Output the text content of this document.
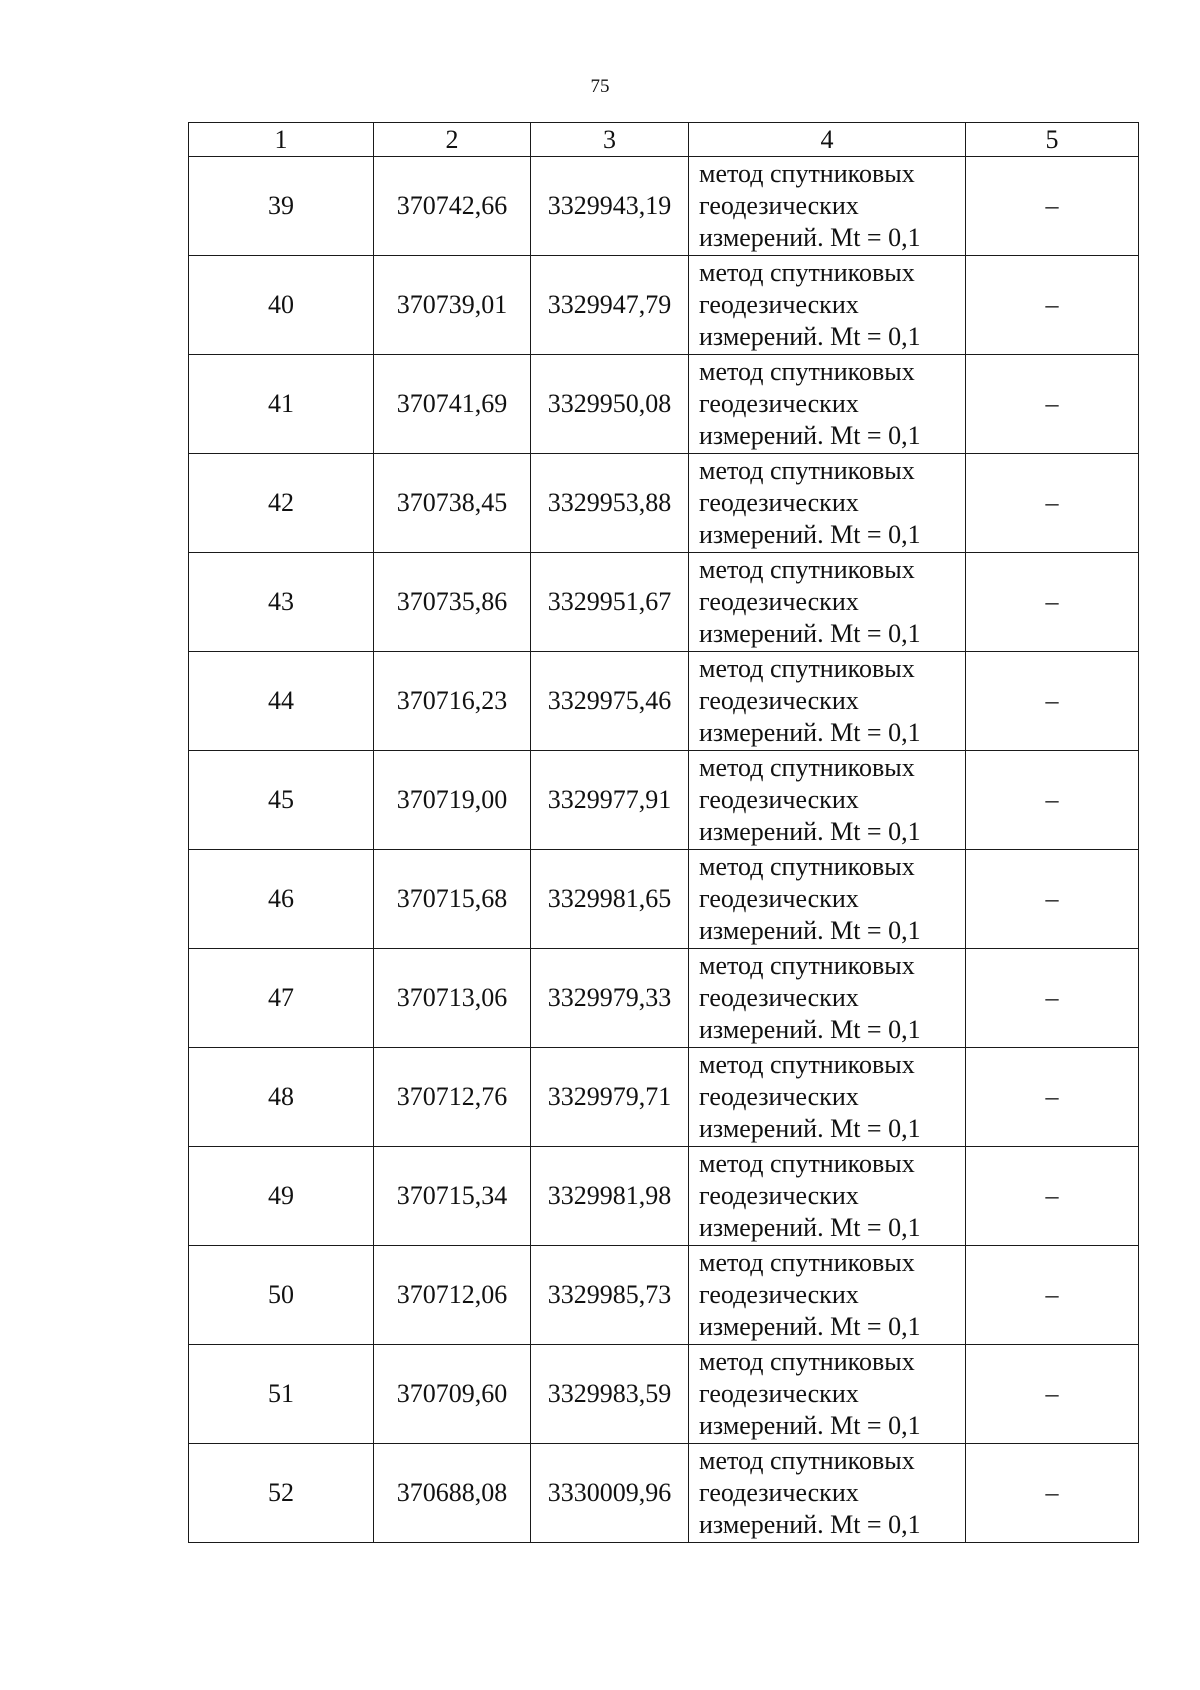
75
1	2	3	4	5
39	370742,66	3329943,19	метод спутниковых
геодезических
измерений. Mt = 0,1	–
40	370739,01	3329947,79	метод спутниковых
геодезических
измерений. Mt = 0,1	–
41	370741,69	3329950,08	метод спутниковых
геодезических
измерений. Mt = 0,1	–
42	370738,45	3329953,88	метод спутниковых
геодезических
измерений. Mt = 0,1	–
43	370735,86	3329951,67	метод спутниковых
геодезических
измерений. Mt = 0,1	–
44	370716,23	3329975,46	метод спутниковых
геодезических
измерений. Mt = 0,1	–
45	370719,00	3329977,91	метод спутниковых
геодезических
измерений. Mt = 0,1	–
46	370715,68	3329981,65	метод спутниковых
геодезических
измерений. Mt = 0,1	–
47	370713,06	3329979,33	метод спутниковых
геодезических
измерений. Mt = 0,1	–
48	370712,76	3329979,71	метод спутниковых
геодезических
измерений. Mt = 0,1	–
49	370715,34	3329981,98	метод спутниковых
геодезических
измерений. Mt = 0,1	–
50	370712,06	3329985,73	метод спутниковых
геодезических
измерений. Mt = 0,1	–
51	370709,60	3329983,59	метод спутниковых
геодезических
измерений. Mt = 0,1	–
52	370688,08	3330009,96	метод спутниковых
геодезических
измерений. Mt = 0,1	–
